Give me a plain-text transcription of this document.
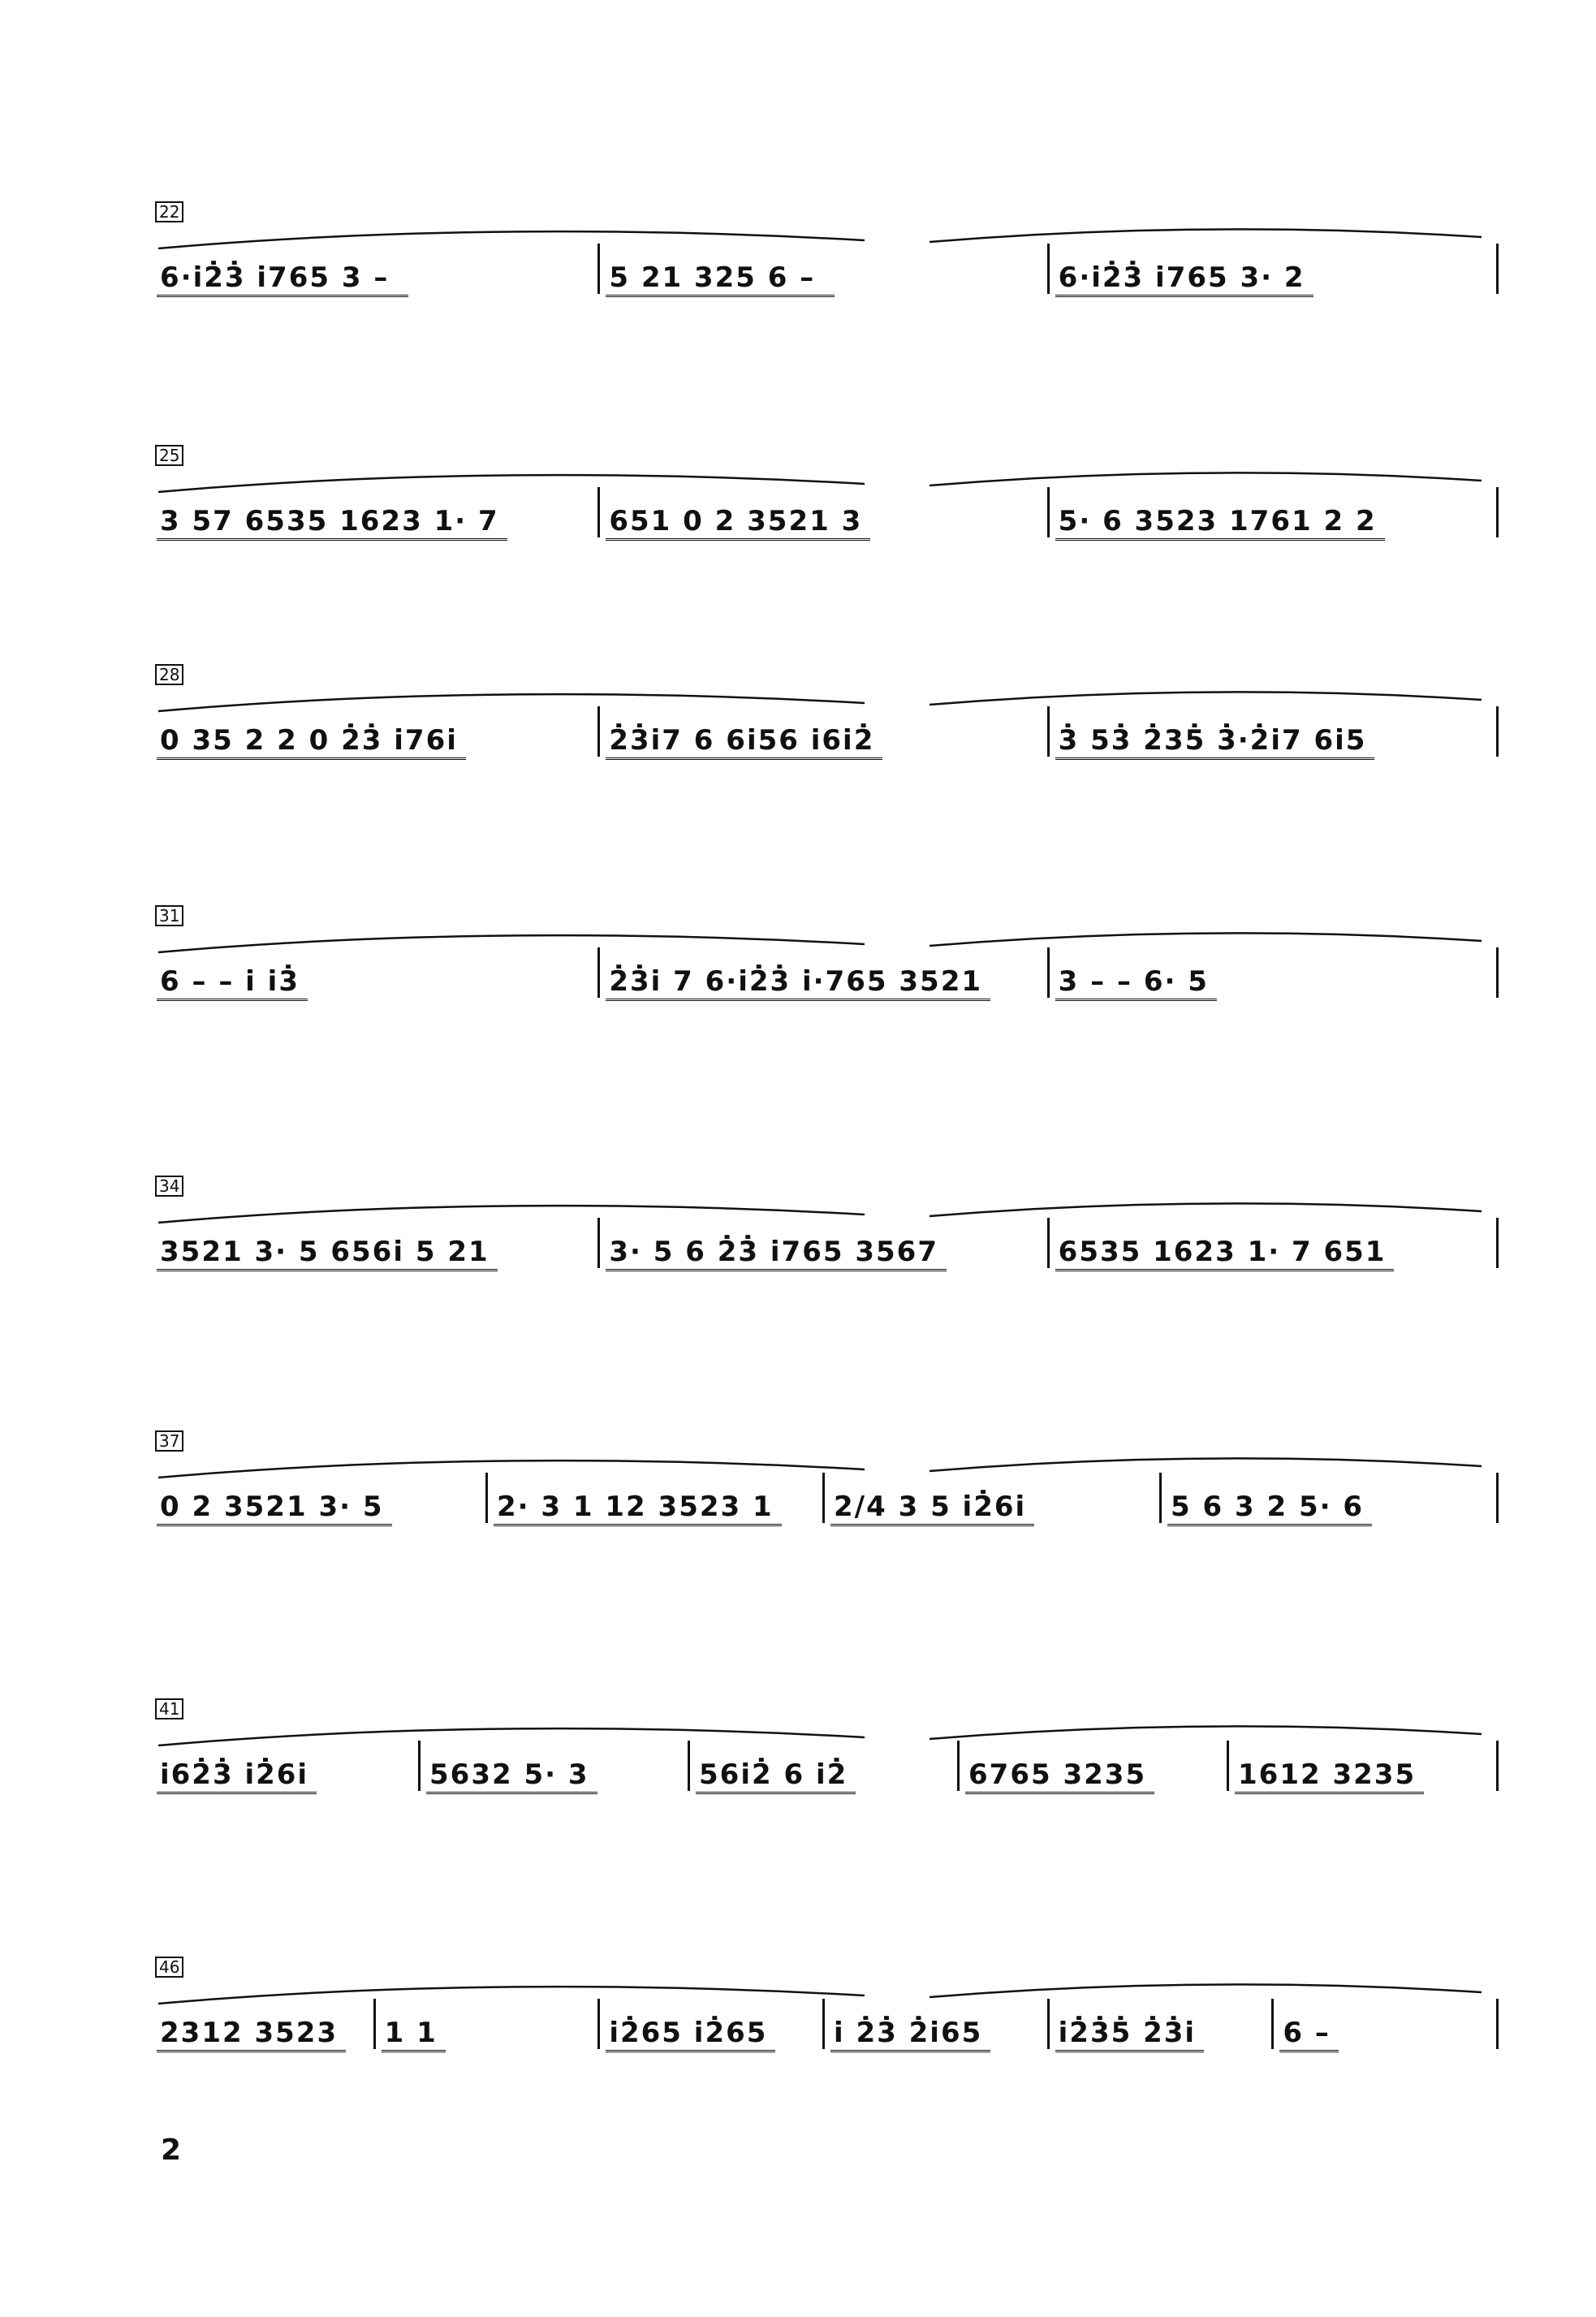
22
6·i2̇3̇ i765 3 –	5 21 325 6 –	6·i2̇3̇ i765 3· 2
25
3 57 6535 1623 1· 7	651 0 2 3521 3	5· 6 3523 1761 2 2
28
0 35 2 2 0 2̇3̇ i76i	2̇3̇i7 6 6i56 i6i2̇	3̇ 53̇ 2̇35̇ 3̇·2̇i7 6i5
31
6 – – i i3̇	2̇3̇i 7 6·i2̇3̇ i·765 3521	3 – – 6· 5
34
3521 3· 5 656i 5 21	3· 5 6 2̇3̇ i765 3567	6535 1623 1· 7 651
37
0 2 3521 3· 5	2· 3 1 12 3523 1 2/4 3 5 i2̇6i	5 6 3 2 5· 6
41
i62̇3̇ i2̇6i	5632 5· 3	56i2̇ 6 i2̇	6765 3235	1612 3235
46
2312 3523 1 1	i2̇65 i2̇65 i 2̇3̇ 2̇i65	i2̇3̇5̇ 2̇3̇i	6 –
2
